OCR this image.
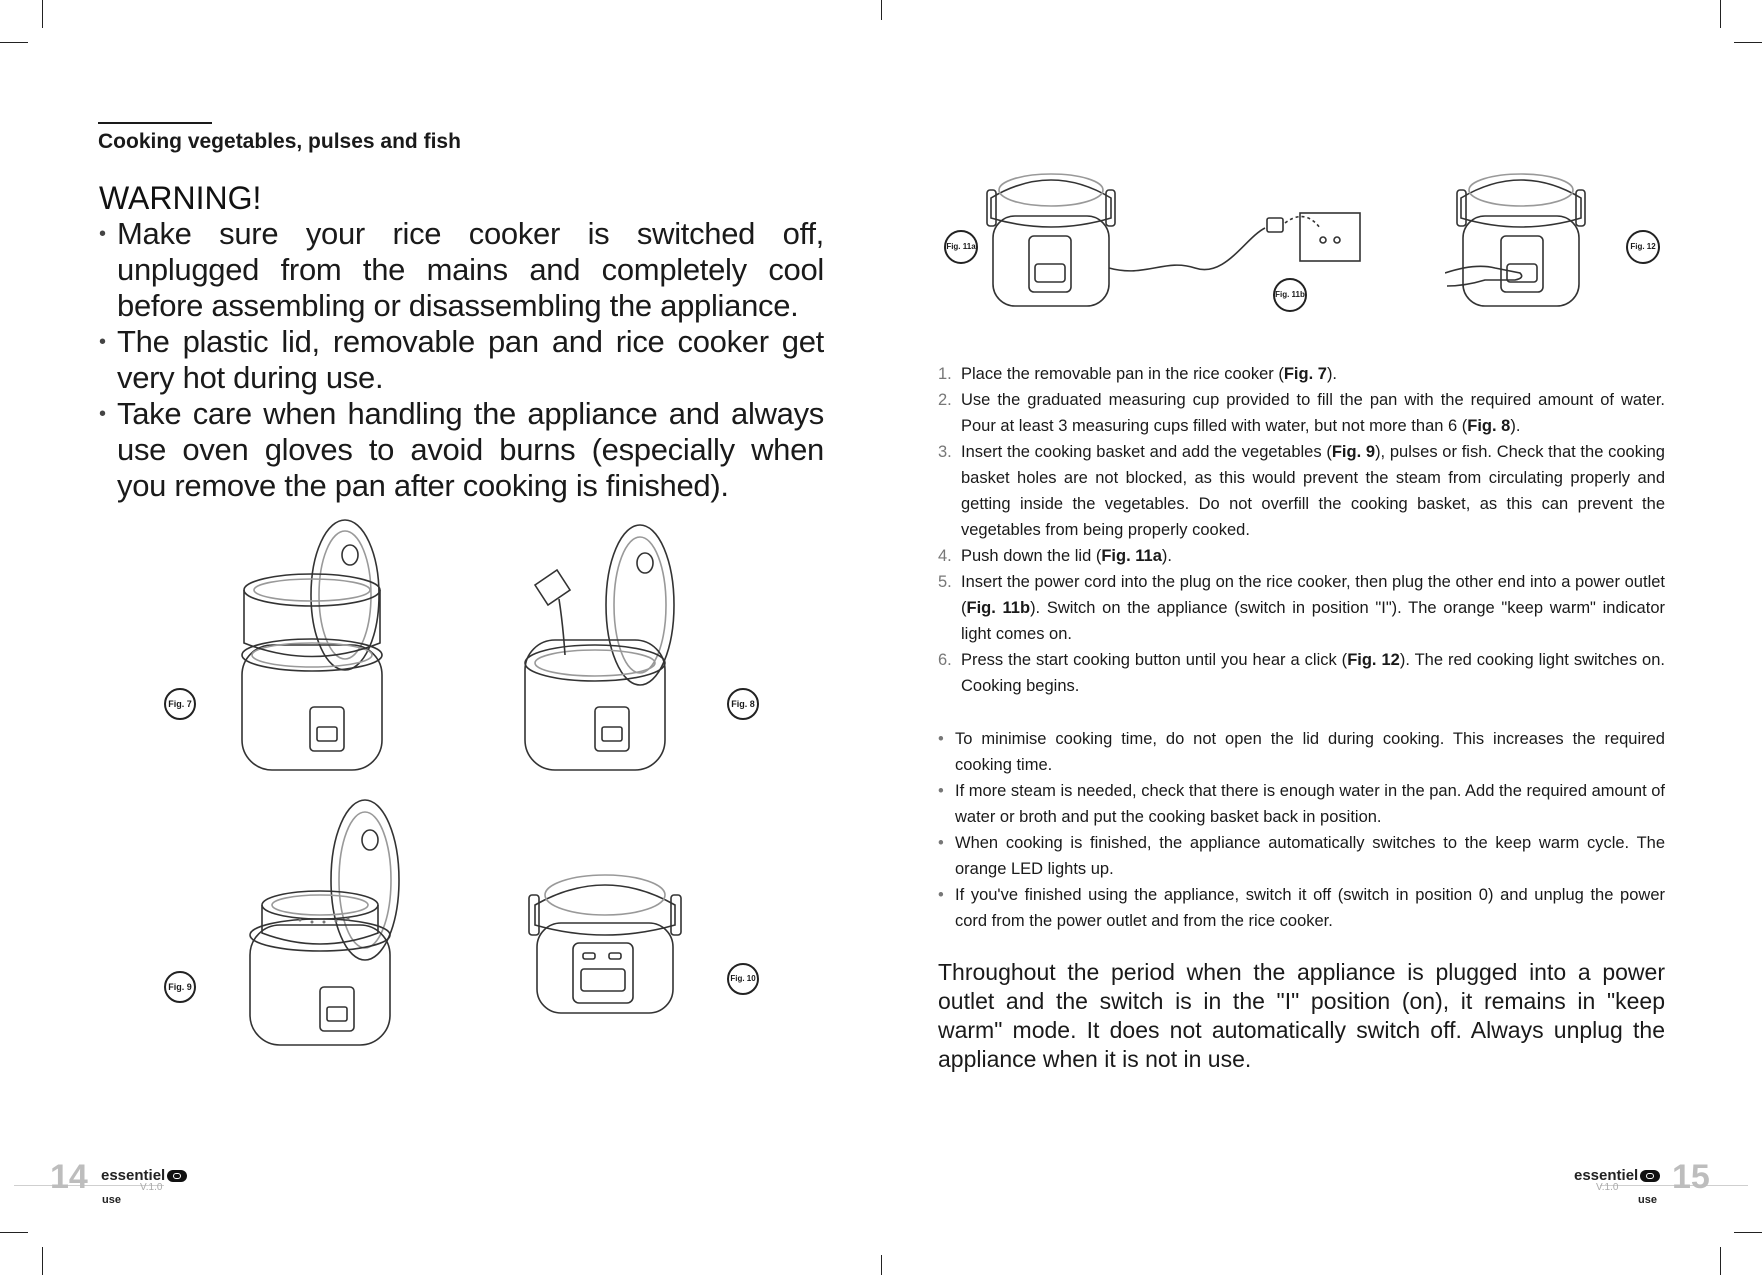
Cooking vegetables, pulses and fish
WARNING!
• Make sure your rice cooker is switched off, unplugged from the mains and completely cool before assembling or disassembling the appliance.
• The plastic lid, removable pan and rice cooker get very hot during use.
• Take care when handling the appliance and always use oven gloves to avoid burns (especially when you remove the pan after cooking is finished).
Fig. 7	Fig. 8
Fig. 9
Fig. 10
14 essentiel
V.1.0
use
Fig. 11a
Fig. 11b
Fig. 12
1. Place the removable pan in the rice cooker (Fig. 7).
2. Use the graduated measuring cup provided to fill the pan with the required amount of water. Pour at least 3 measuring cups filled with water, but not more than 6 (Fig. 8).
3. Insert the cooking basket and add the vegetables (Fig. 9), pulses or fish. Check that the cooking basket holes are not blocked, as this would prevent the steam from circulating properly and getting inside the vegetables. Do not overfill the cooking basket, as this can prevent the vegetables from being properly cooked.
4. Push down the lid (Fig. 11a).
5. Insert the power cord into the plug on the rice cooker, then plug the other end into a power outlet (Fig. 11b). Switch on the appliance (switch in position "I"). The orange "keep warm" indicator light comes on.
6. Press the start cooking button until you hear a click (Fig. 12). The red cooking light switches on. Cooking begins.
• To minimise cooking time, do not open the lid during cooking. This increases the required cooking time.
• If more steam is needed, check that there is enough water in the pan. Add the required amount of water or broth and put the cooking basket back in position.
• When cooking is finished, the appliance automatically switches to the keep warm cycle. The orange LED lights up.
• If you've finished using the appliance, switch it off (switch in position 0) and unplug the power cord from the power outlet and from the rice cooker.
Throughout the period when the appliance is plugged into a power outlet and the switch is in the "I" position (on), it remains in "keep warm" mode. It does not automatically switch off. Always unplug the appliance when it is not in use.
essentiel 15
V.1.0
use
